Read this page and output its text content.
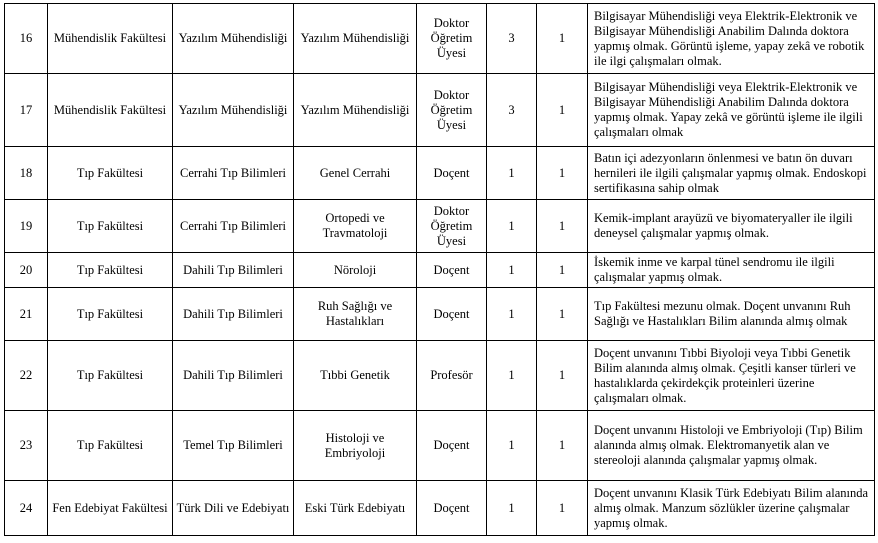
16	Mühendislik Fakültesi	Yazılım Mühendisliği	Yazılım Mühendisliği	Doktor Öğretim Üyesi	3	1	Bilgisayar Mühendisliği veya Elektrik-Elektronik ve Bilgisayar Mühendisliği Anabilim Dalında doktora yapmış olmak. Görüntü işleme, yapay zekâ ve robotik ile ilgi çalışmaları olmak.
17	Mühendislik Fakültesi	Yazılım Mühendisliği	Yazılım Mühendisliği	Doktor Öğretim Üyesi	3	1	Bilgisayar Mühendisliği veya Elektrik-Elektronik ve Bilgisayar Mühendisliği Anabilim Dalında doktora yapmış olmak. Yapay zekâ ve görüntü işleme ile ilgili çalışmaları olmak
18	Tıp Fakültesi	Cerrahi Tıp Bilimleri	Genel Cerrahi	Doçent	1	1	Batın içi adezyonların önlenmesi ve batın ön duvarı hernileri ile ilgili çalışmalar yapmış olmak. Endoskopi sertifikasına sahip olmak
19	Tıp Fakültesi	Cerrahi Tıp Bilimleri	Ortopedi ve Travmatoloji	Doktor Öğretim Üyesi	1	1	Kemik-implant arayüzü ve biyomateryaller ile ilgili deneysel çalışmalar yapmış olmak.
20	Tıp Fakültesi	Dahili Tıp Bilimleri	Nöroloji	Doçent	1	1	İskemik inme ve karpal tünel sendromu ile ilgili çalışmalar yapmış olmak.
21	Tıp Fakültesi	Dahili Tıp Bilimleri	Ruh Sağlığı ve Hastalıkları	Doçent	1	1	Tıp Fakültesi mezunu olmak. Doçent unvanını Ruh Sağlığı ve Hastalıkları Bilim alanında almış olmak
22	Tıp Fakültesi	Dahili Tıp Bilimleri	Tıbbi Genetik	Profesör	1	1	Doçent unvanını Tıbbi Biyoloji veya Tıbbi Genetik Bilim alanında almış olmak. Çeşitli kanser türleri ve hastalıklarda çekirdekçik proteinleri üzerine çalışmaları olmak.
23	Tıp Fakültesi	Temel Tıp Bilimleri	Histoloji ve Embriyoloji	Doçent	1	1	Doçent unvanını Histoloji ve Embriyoloji (Tıp) Bilim alanında almış olmak. Elektromanyetik alan ve stereoloji alanında çalışmalar yapmış olmak.
24	Fen Edebiyat Fakültesi	Türk Dili ve Edebiyatı	Eski Türk Edebiyatı	Doçent	1	1	Doçent unvanını Klasik Türk Edebiyatı Bilim alanında almış olmak. Manzum sözlükler üzerine çalışmalar yapmış olmak.
